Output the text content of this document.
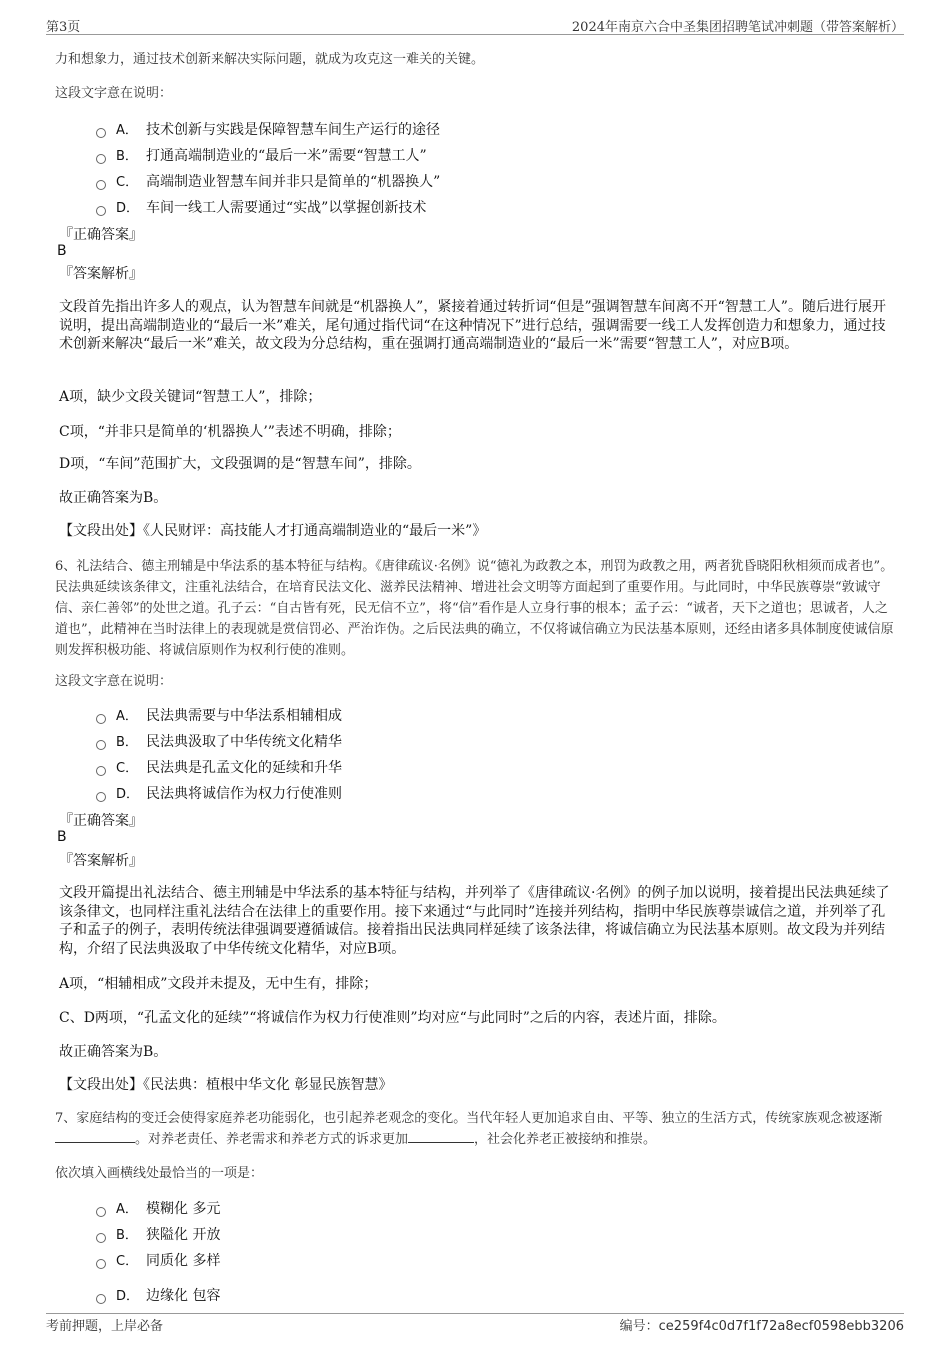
第3页	2024年南京六合中圣集团招聘笔试冲刺题（带答案解析）
力和想象力，通过技术创新来解决实际问题，就成为攻克这一难关的关键。
这段文字意在说明：
A． 技术创新与实践是保障智慧车间生产运行的途径
B． 打通高端制造业的“最后一米”需要“智慧工人”
C． 高端制造业智慧车间并非只是简单的“机器换人”
D． 车间一线工人需要通过“实战”以掌握创新技术
『正确答案』
B
『答案解析』
文段首先指出许多人的观点，认为智慧车间就是“机器换人”，紧接着通过转折词“但是”强调智慧车间离不开“智慧工人”。随后进行展开说明，提出高端制造业的“最后一米”难关，尾句通过指代词“在这种情况下”进行总结，强调需要一线工人发挥创造力和想象力，通过技术创新来解决“最后一米”难关，故文段为分总结构，重在强调打通高端制造业的“最后一米”需要“智慧工人”，对应B项。
A项，缺少文段关键词“智慧工人”，排除；
C项，“并非只是简单的‘机器换人’”表述不明确，排除；
D项，“车间”范围扩大，文段强调的是“智慧车间”，排除。
故正确答案为B。
【文段出处】《人民财评：高技能人才打通高端制造业的“最后一米”》
6、礼法结合、德主刑辅是中华法系的基本特征与结构。《唐律疏议·名例》说“德礼为政教之本，刑罚为政教之用，两者犹昏晓阳秋相须而成者也”。民法典延续该条律文，注重礼法结合，在培育民法文化、滋养民法精神、增进社会文明等方面起到了重要作用。与此同时，中华民族尊崇“敦诚守信、亲仁善邻”的处世之道。孔子云：“自古皆有死，民无信不立”，将“信”看作是人立身行事的根本；孟子云：“诚者，天下之道也；思诚者，人之道也”，此精神在当时法律上的表现就是赏信罚必、严治诈伪。之后民法典的确立，不仅将诚信确立为民法基本原则，还经由诸多具体制度使诚信原则发挥积极功能、将诚信原则作为权利行使的准则。
这段文字意在说明：
A． 民法典需要与中华法系相辅相成
B． 民法典汲取了中华传统文化精华
C． 民法典是孔孟文化的延续和升华
D． 民法典将诚信作为权力行使准则
『正确答案』
B
『答案解析』
文段开篇提出礼法结合、德主刑辅是中华法系的基本特征与结构，并列举了《唐律疏议·名例》的例子加以说明，接着提出民法典延续了该条律文，也同样注重礼法结合在法律上的重要作用。接下来通过“与此同时”连接并列结构，指明中华民族尊崇诚信之道，并列举了孔子和孟子的例子，表明传统法律强调要遵循诚信。接着指出民法典同样延续了该条法律，将诚信确立为民法基本原则。故文段为并列结构，介绍了民法典汲取了中华传统文化精华，对应B项。
A项，“相辅相成”文段并未提及，无中生有，排除；
C、D两项，“孔孟文化的延续”“将诚信作为权力行使准则”均对应“与此同时”之后的内容，表述片面，排除。
故正确答案为B。
【文段出处】《民法典：植根中华文化 彰显民族智慧》
7、家庭结构的变迁会使得家庭养老功能弱化，也引起养老观念的变化。当代年轻人更加追求自由、平等、独立的生活方式，传统家族观念被逐渐。对养老责任、养老需求和养老方式的诉求更加	，社会化养老正被接纳和推崇。
依次填入画横线处最恰当的一项是：
A． 模糊化 多元
B． 狭隘化 开放
C． 同质化 多样
D． 边缘化 包容
考前押题，上岸必备	编号：ce259f4c0d7f1f72a8ecf0598ebb3206
